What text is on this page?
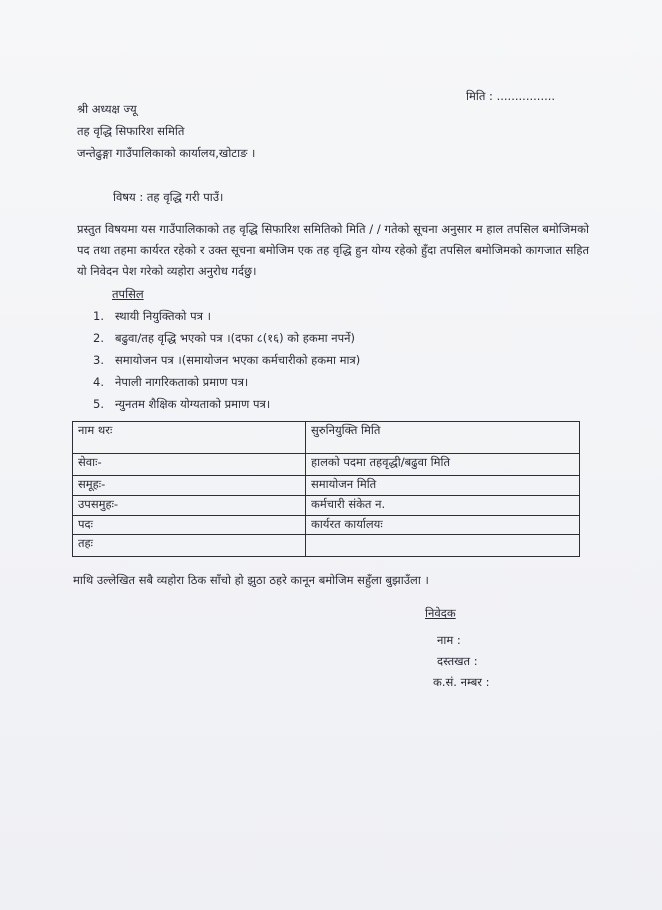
मिति : ................
श्री अध्यक्ष ज्यू
तह वृद्धि सिफारिश समिति
जन्तेढुङ्गा गाउँपालिकाको कार्यालय,खोटाङ ।
विषय : तह वृद्धि गरी पाउँ।
प्रस्तुत विषयमा यस गाउँपालिकाको तह वृद्धि सिफारिश समितिको मिति / / गतेको सूचना अनुसार म हाल तपसिल बमोजिमको पद तथा तहमा कार्यरत रहेको र उक्त सूचना बमोजिम एक तह वृद्धि हुन योग्य रहेको हुँदा तपसिल बमोजिमको कागजात सहित यो निवेदन पेश गरेको व्यहोरा अनुरोध गर्दछु।
तपसिल
1. स्थायी नियुक्तिको पत्र ।
2. बढुवा/तह वृद्धि भएको पत्र ।(दफा ८(१६) को हकमा नपर्ने)
3. समायोजन पत्र ।(समायोजन भएका कर्मचारीको हकमा मात्र)
4. नेपाली नागरिकताको प्रमाण पत्र।
5. न्युनतम शैक्षिक योग्यताको प्रमाण पत्र।
नाम थरः	सुरुनियुक्ति मिति
सेवाः-	हालको पदमा तहवृद्धी/बढुवा मिति
समूहः-	समायोजन मिति
उपसमुहः-	कर्मचारी संकेत न.
पदः	कार्यरत कार्यालयः
तहः	
माथि उल्लेखित सबै व्यहोरा ठिक साँचो हो झुठा ठहरे कानून बमोजिम सहुँला बुझाउँला ।
निवेदक
नाम :
दस्तखत :
क.सं. नम्बर :
